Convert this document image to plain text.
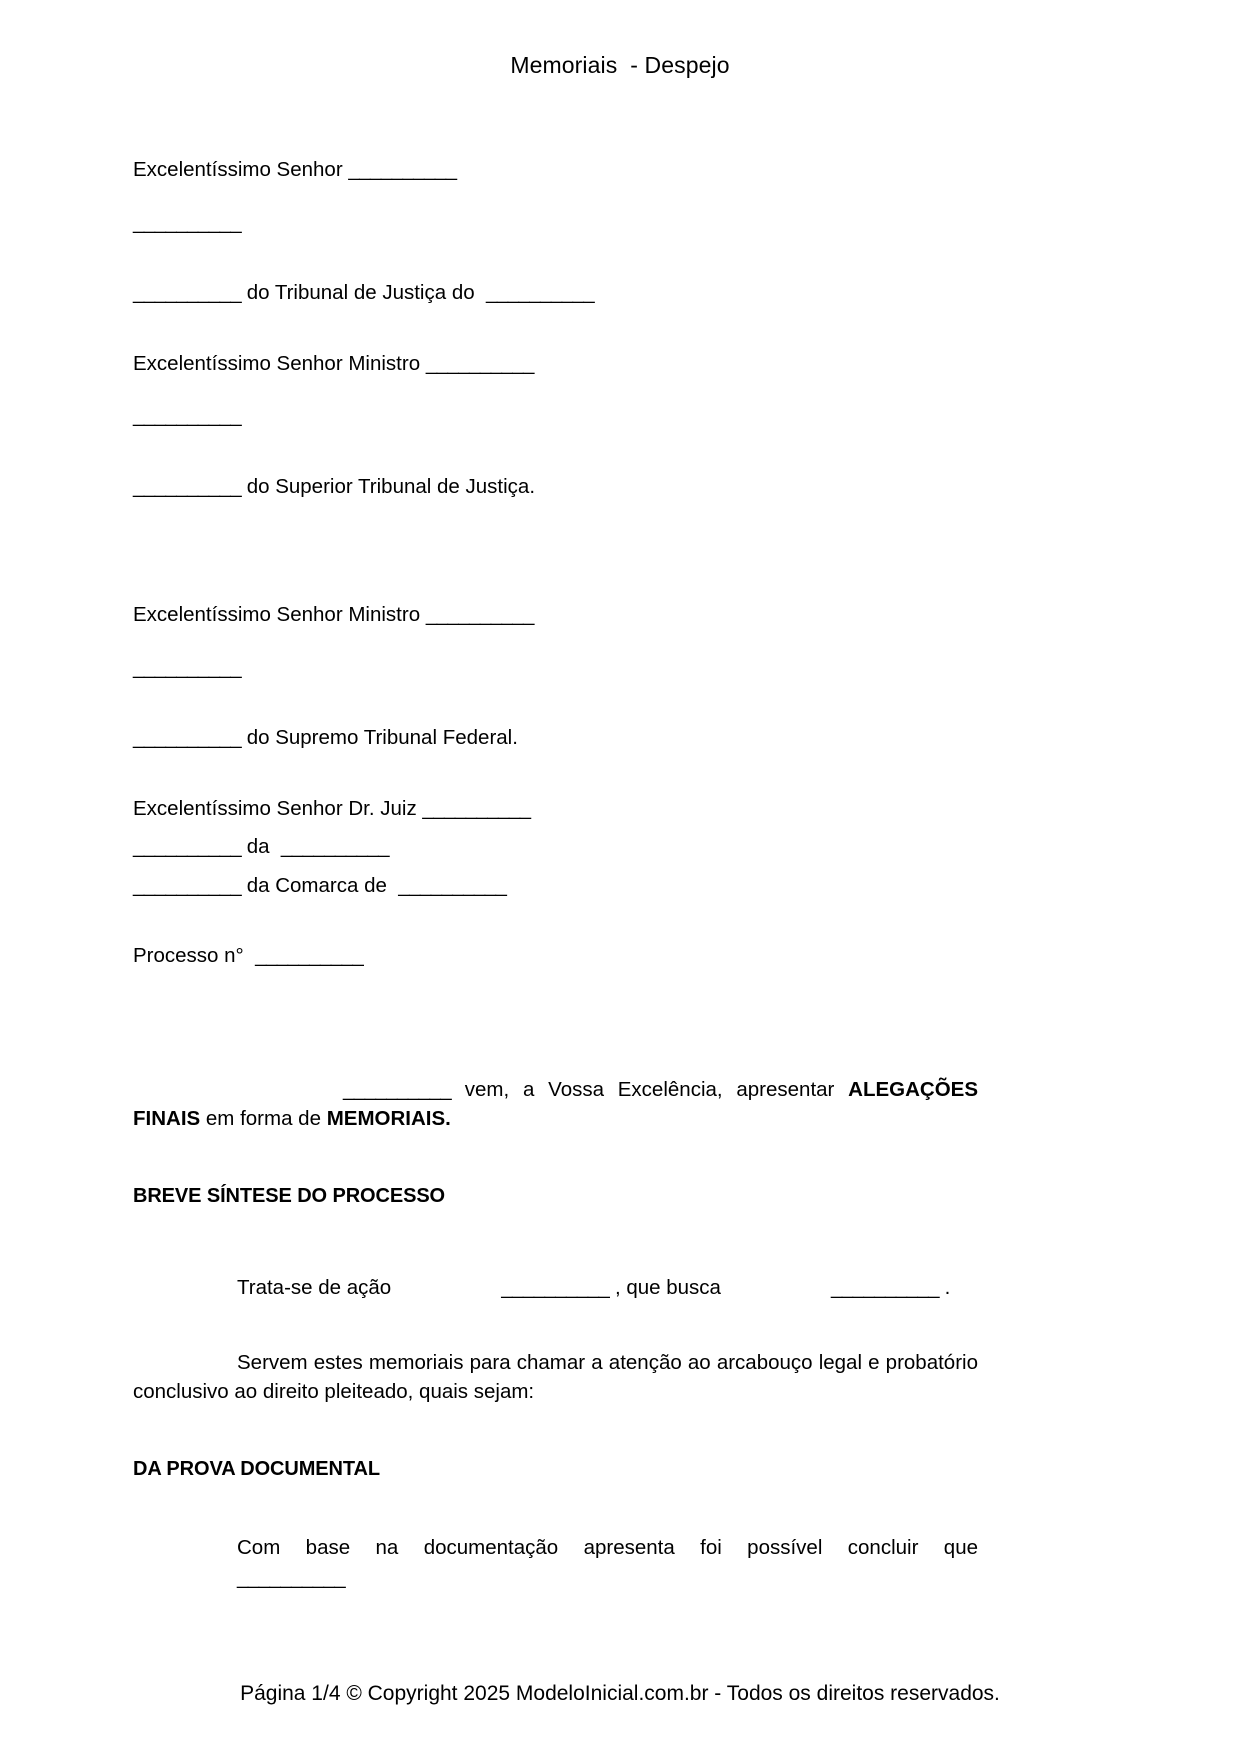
Memoriais  - Despejo

Excelentíssimo Senhor __________

__________

__________ do Tribunal de Justiça do  __________

Excelentíssimo Senhor Ministro __________

__________

__________ do Superior Tribunal de Justiça.

Excelentíssimo Senhor Ministro __________

__________

__________ do Supremo Tribunal Federal.

Excelentíssimo Senhor Dr. Juiz __________

__________ da  __________

__________ da Comarca de  __________

Processo n°  __________

__________ vem, a Vossa Excelência, apresentar ALEGAÇÕES FINAIS em forma de MEMORIAIS.

BREVE SÍNTESE DO PROCESSO

Trata-se de ação	__________ , que busca	__________ .

Servem estes memoriais para chamar a atenção ao arcabouço legal e probatório conclusivo ao direito pleiteado, quais sejam:

DA PROVA DOCUMENTAL

Com base na documentação apresenta foi possível concluir que

__________

Página 1/4 © Copyright 2025 ModeloInicial.com.br - Todos os direitos reservados.
